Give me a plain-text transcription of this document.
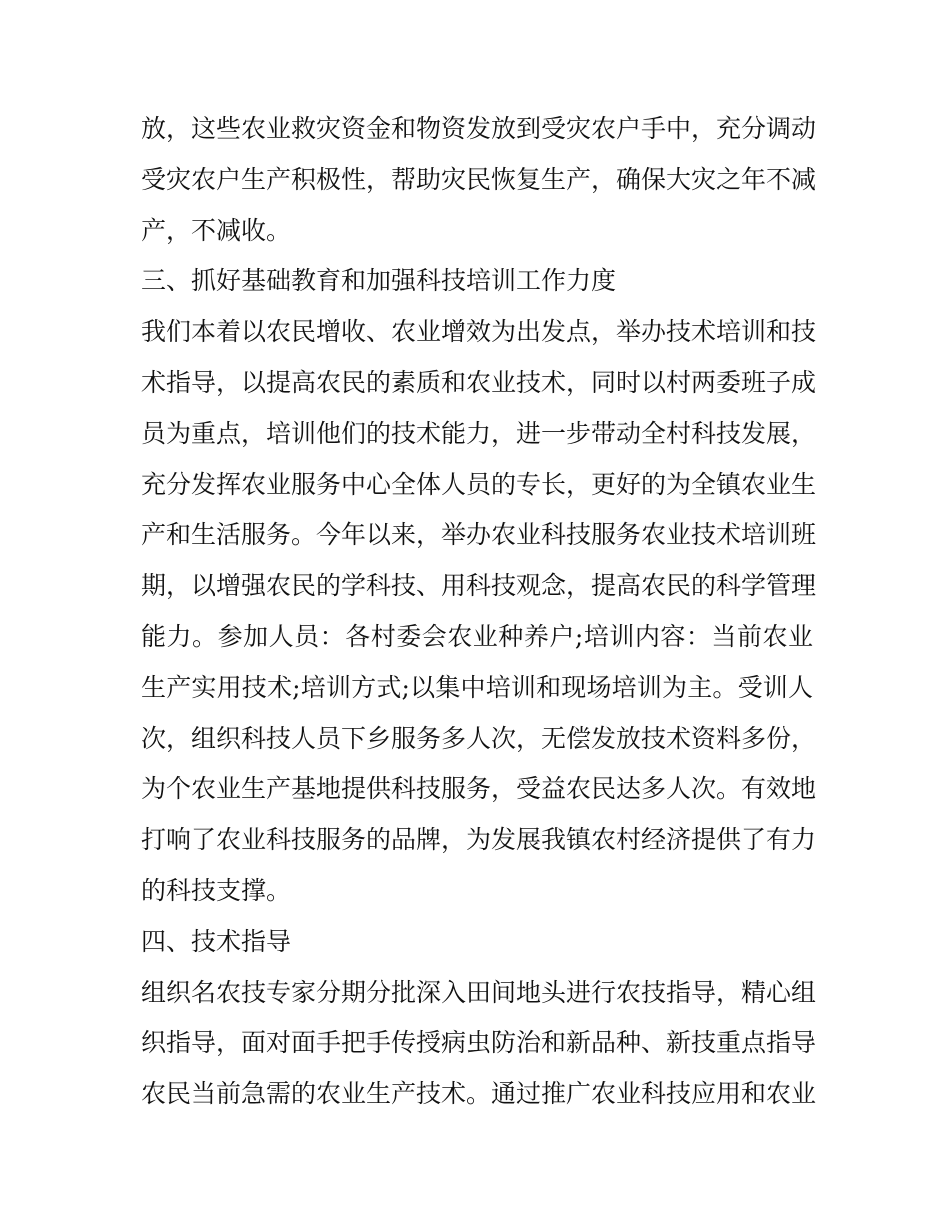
放，这些农业救灾资金和物资发放到受灾农户手中，充分调动
受灾农户生产积极性，帮助灾民恢复生产，确保大灾之年不减
产，不减收。
三、抓好基础教育和加强科技培训工作力度
我们本着以农民增收、农业增效为出发点，举办技术培训和技
术指导，以提高农民的素质和农业技术，同时以村两委班子成
员为重点，培训他们的技术能力，进一步带动全村科技发展，
充分发挥农业服务中心全体人员的专长，更好的为全镇农业生
产和生活服务。今年以来，举办农业科技服务农业技术培训班
期，以增强农民的学科技、用科技观念，提高农民的科学管理
能力。参加人员：各村委会农业种养户;培训内容：当前农业
生产实用技术;培训方式;以集中培训和现场培训为主。受训人
次，组织科技人员下乡服务多人次，无偿发放技术资料多份，
为个农业生产基地提供科技服务，受益农民达多人次。有效地
打响了农业科技服务的品牌，为发展我镇农村经济提供了有力
的科技支撑。
四、技术指导
组织名农技专家分期分批深入田间地头进行农技指导，精心组
织指导，面对面手把手传授病虫防治和新品种、新技重点指导
农民当前急需的农业生产技术。通过推广农业科技应用和农业
